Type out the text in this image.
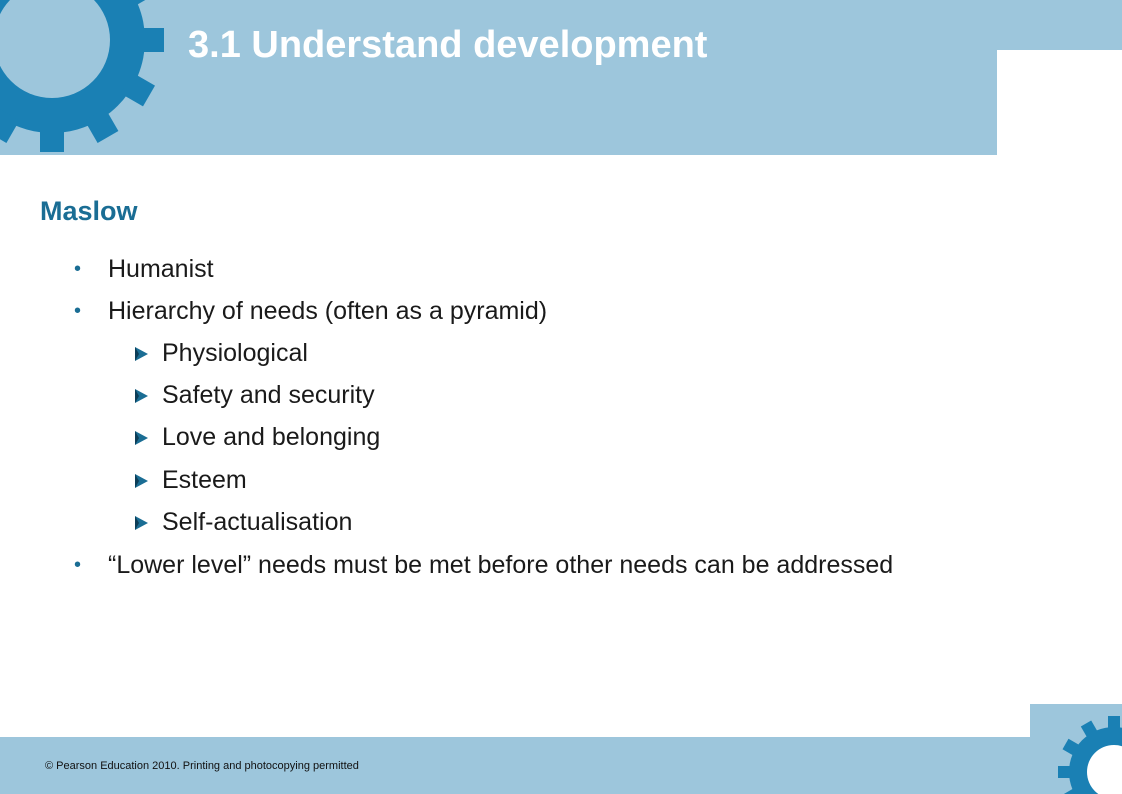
3.1 Understand development
Maslow
• Humanist
• Hierarchy of needs (often as a pyramid)
Physiological
Safety and security
Love and belonging
Esteem
Self-actualisation
• “Lower level” needs must be met before other needs can be addressed
© Pearson Education 2010. Printing and photocopying permitted
